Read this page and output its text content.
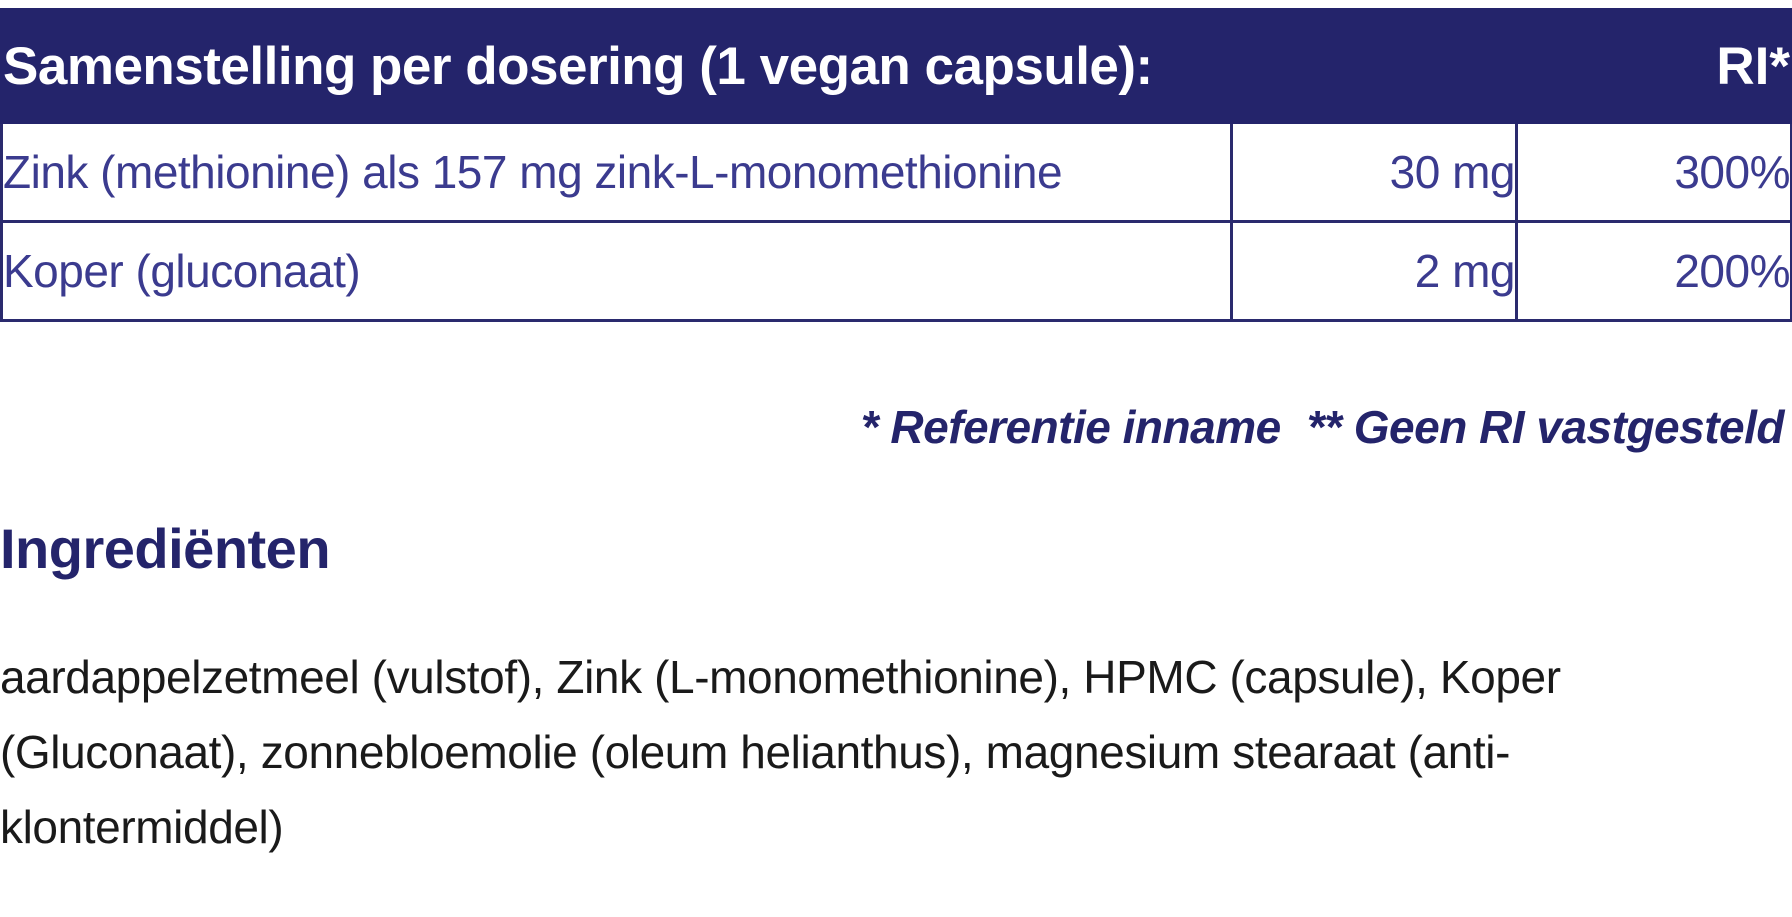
Samenstelling per dosering (1 vegan capsule):		RI*
Zink (methionine) als 157 mg zink-L-monomethionine	30 mg	300%
Koper (gluconaat)	2 mg	200%
* Referentie inname ** Geen RI vastgesteld
Ingrediënten
aardappelzetmeel (vulstof), Zink (L-monomethionine), HPMC (capsule), Koper (Gluconaat), zonnebloemolie (oleum helianthus), magnesium stearaat (anti-klontermiddel)
